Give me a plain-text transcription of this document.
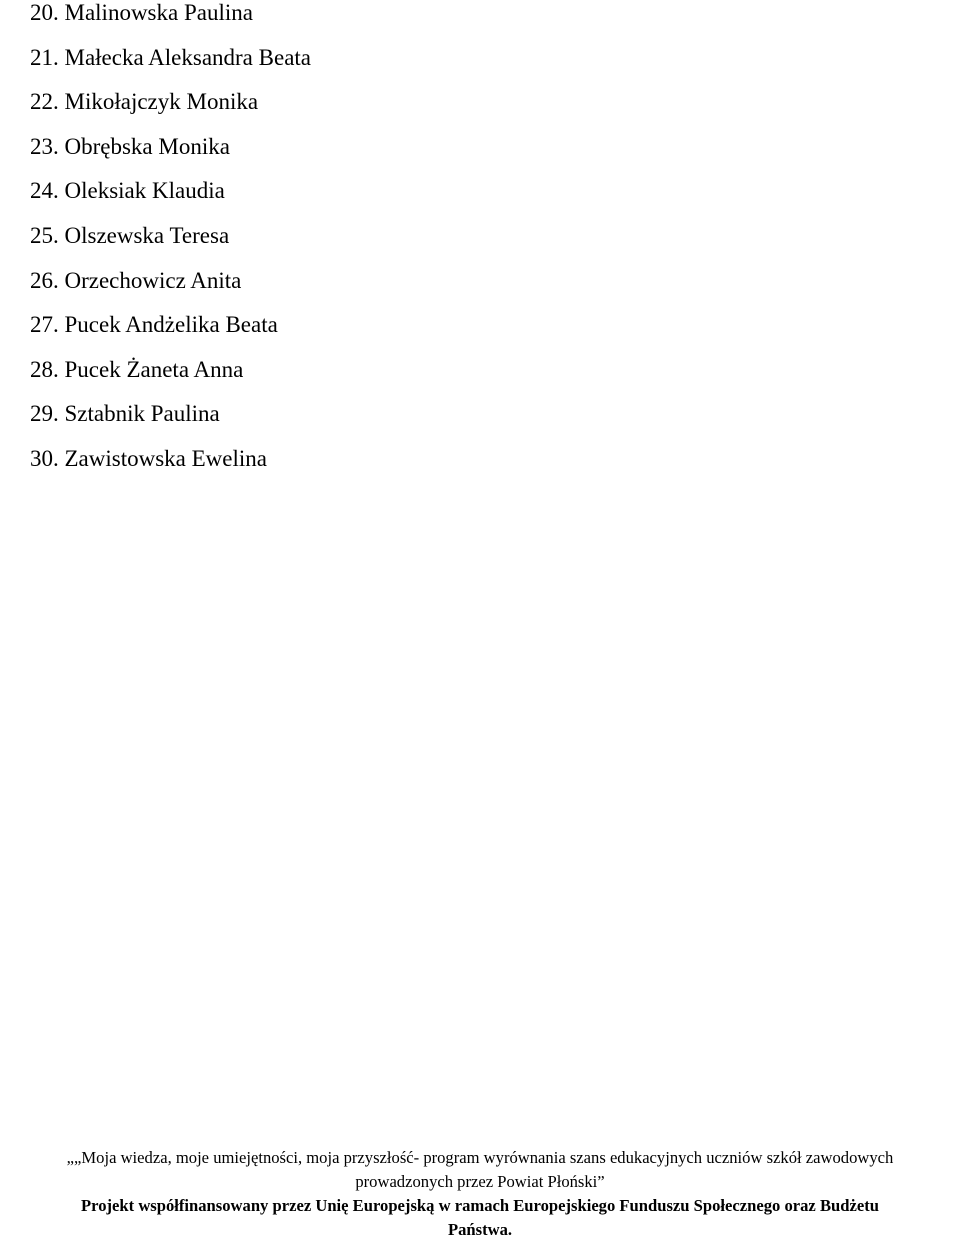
20. Malinowska Paulina
21. Małecka Aleksandra Beata
22. Mikołajczyk Monika
23. Obrębska Monika
24. Oleksiak Klaudia
25. Olszewska Teresa
26. Orzechowicz Anita
27. Pucek Andżelika Beata
28. Pucek Żaneta Anna
29. Sztabnik Paulina
30. Zawistowska Ewelina
„„Moja wiedza, moje umiejętności, moja przyszłość- program wyrównania szans edukacyjnych uczniów szkół zawodowych
prowadzonych przez Powiat Płoński”
Projekt współfinansowany przez Unię Europejską w ramach Europejskiego Funduszu Społecznego oraz Budżetu
Państwa.
